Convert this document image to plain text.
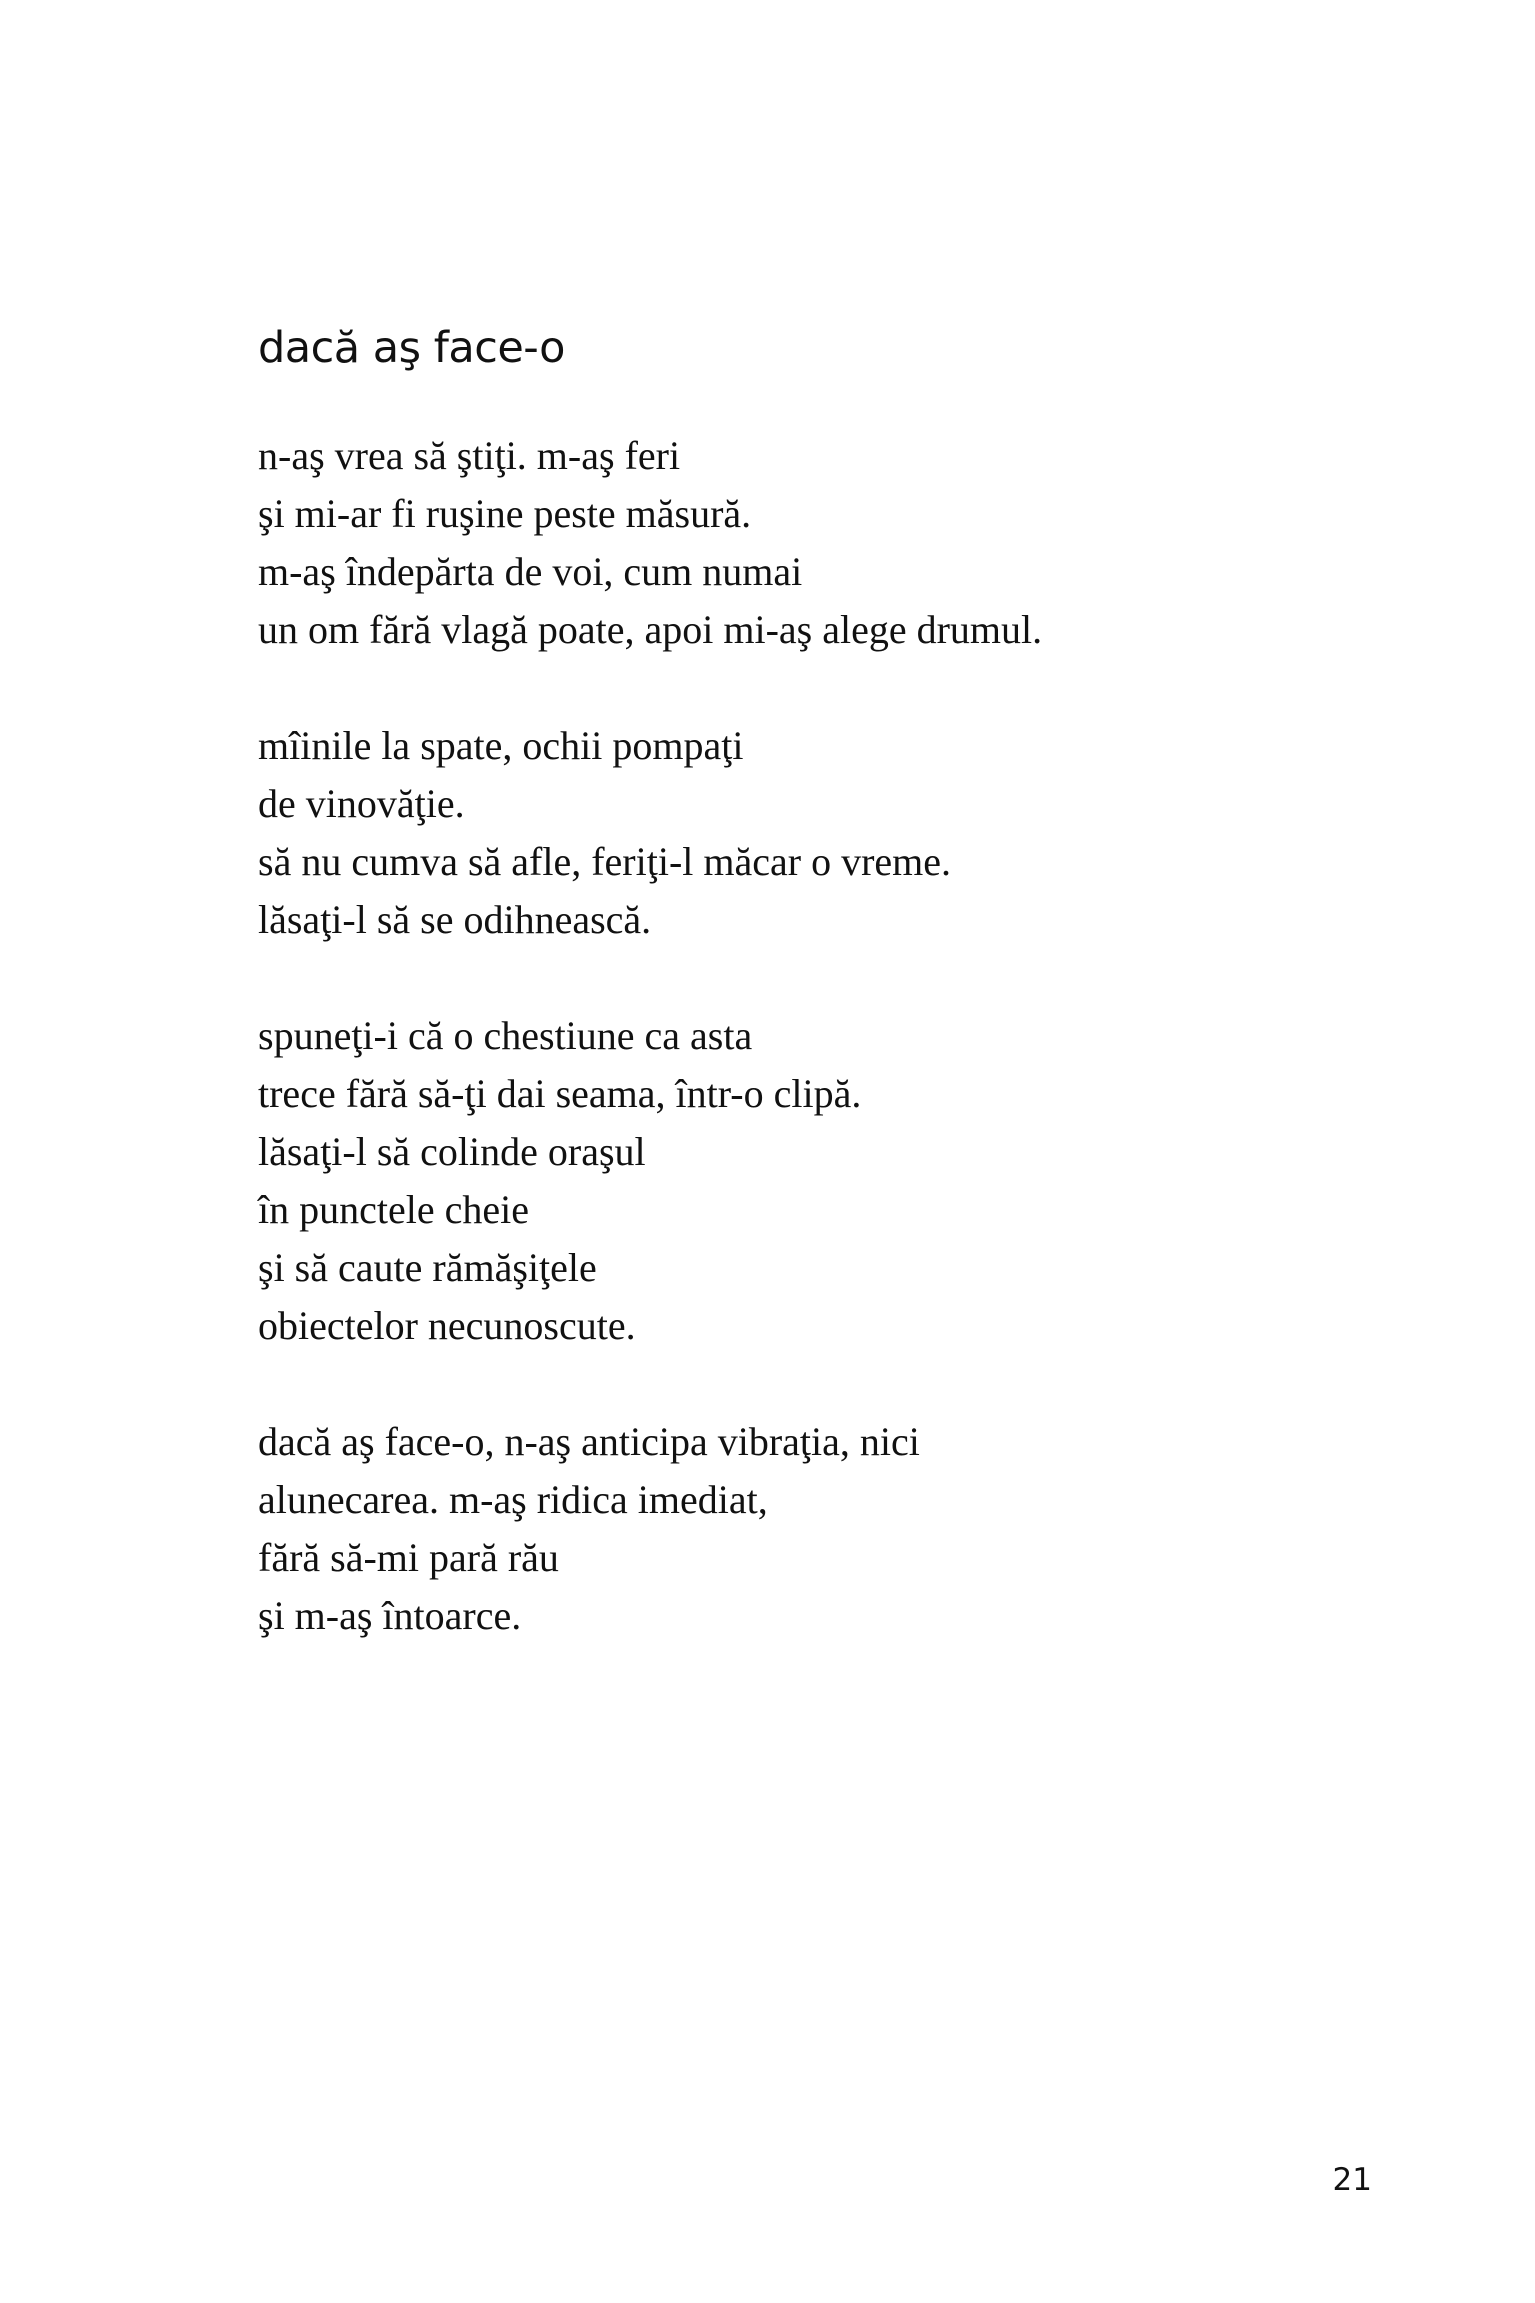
dacă aş face-o
n-aş vrea să ştiţi. m-aş feri
şi mi-ar fi ruşine peste măsură.
m-aş îndepărta de voi, cum numai
un om fără vlagă poate, apoi mi-aş alege drumul.
mîinile la spate, ochii pompaţi
de vinovăţie.
să nu cumva să afle, feriţi-l măcar o vreme.
lăsaţi-l să se odihnească.
spuneţi-i că o chestiune ca asta
trece fără să-ţi dai seama, într-o clipă.
lăsaţi-l să colinde oraşul
în punctele cheie
şi să caute rămăşiţele
obiectelor necunoscute.
dacă aş face-o, n-aş anticipa vibraţia, nici
alunecarea. m-aş ridica imediat,
fără să-mi pară rău
şi m-aş întoarce.
21
